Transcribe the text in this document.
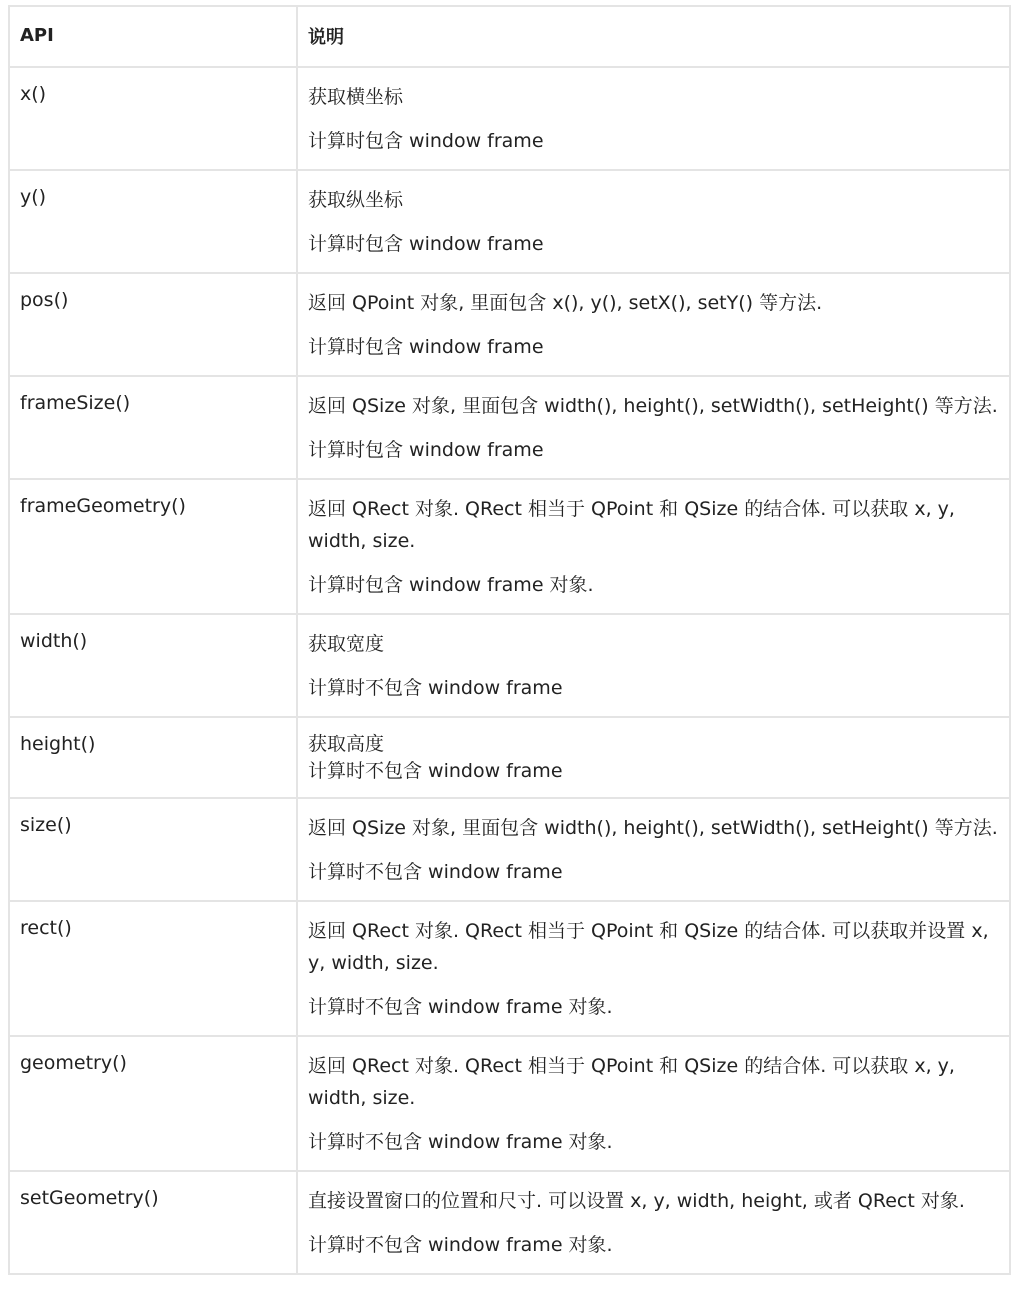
API	说明
x()	获取横坐标
计算时包含 window frame

y()	获取纵坐标
计算时包含 window frame

pos()	返回 QPoint 对象, 里面包含 x(), y(), setX(), setY() 等方法.
计算时包含 window frame

frameSize()	返回 QSize 对象, 里面包含 width(), height(), setWidth(), setHeight() 等方法.
计算时包含 window frame

frameGeometry()	返回 QRect 对象. QRect 相当于 QPoint 和 QSize 的结合体. 可以获取 x, y, width, size.
计算时包含 window frame 对象.

width()	获取宽度
计算时不包含 window frame

height()	获取高度
计算时不包含 window frame

size()	返回 QSize 对象, 里面包含 width(), height(), setWidth(), setHeight() 等方法.
计算时不包含 window frame

rect()	返回 QRect 对象. QRect 相当于 QPoint 和 QSize 的结合体. 可以获取并设置 x, y, width, size.
计算时不包含 window frame 对象.

geometry()	返回 QRect 对象. QRect 相当于 QPoint 和 QSize 的结合体. 可以获取 x, y, width, size.
计算时不包含 window frame 对象.

setGeometry()	直接设置窗口的位置和尺寸. 可以设置 x, y, width, height, 或者 QRect 对象.
计算时不包含 window frame 对象.
